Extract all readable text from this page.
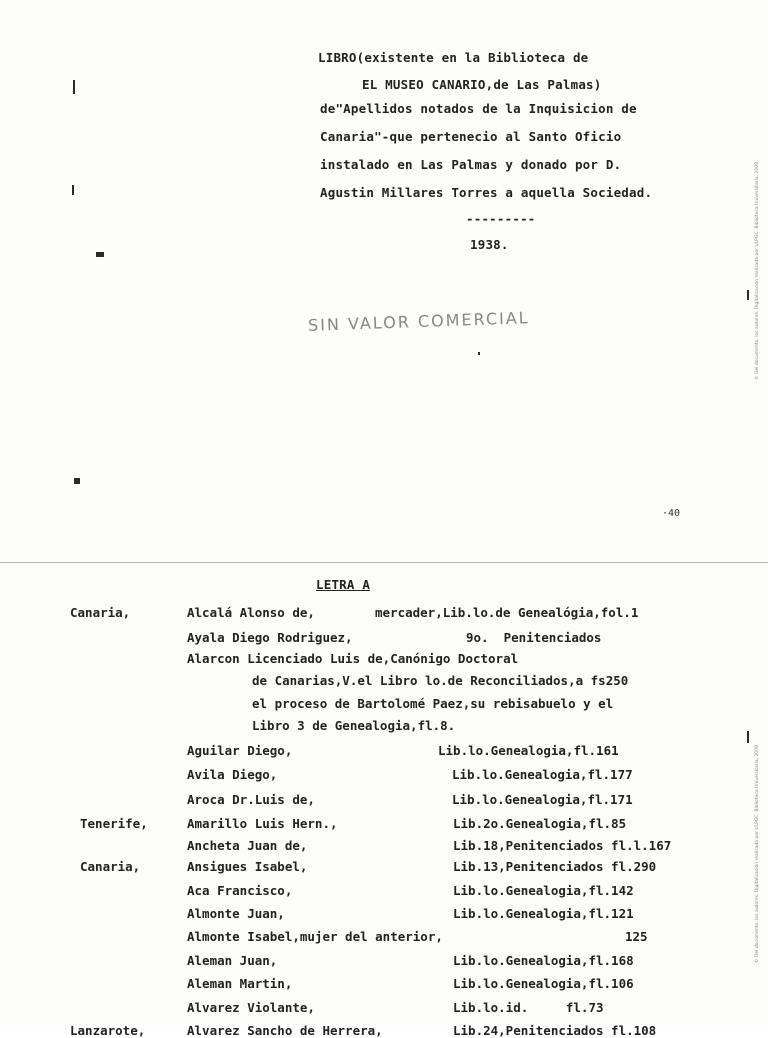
LIBRO(existente en la Biblioteca de
EL MUSEO CANARIO,de Las Palmas)
de"Apellidos notados de la Inquisicion de
Canaria"-que pertenecio al Santo Oficio
instalado en Las Palmas y donado por D.
Agustin Millares Torres a aquella Sociedad.
---------
1938.
SIN VALOR COMERCIAL	© Del documento, los autores. Digitalización realizada por ULPGC. Biblioteca Universitaria, 2008
·40
LETRA A
© Del documento, los autores. Digitalización realizada por ULPGC. Biblioteca Universitaria, 2008
Canaria,	Alcalá Alonso de,	mercader,Lib.lo.de Genealógia,fol.1
Ayala Diego Rodriguez,	9o.  Penitenciados
Alarcon Licenciado Luis de,Canónigo Doctoral
de Canarias,V.el Libro lo.de Reconciliados,a fs250
el proceso de Bartolomé Paez,su rebisabuelo y el
Libro 3 de Genealogia,fl.8.
Aguilar Diego,	Lib.lo.Genealogia,fl.161
Avila Diego,	Lib.lo.Genealogia,fl.177
Aroca Dr.Luis de,	Lib.lo.Genealogia,fl.171
Tenerife,	Amarillo Luis Hern.,	Lib.2o.Genealogia,fl.85
Ancheta Juan de,	Lib.18,Penitenciados fl.l.167
Canaria,	Ansigues Isabel,	Lib.13,Penitenciados fl.290
Aca Francisco,	Lib.lo.Genealogia,fl.142
Almonte Juan,	Lib.lo.Genealogia,fl.121
Almonte Isabel,mujer del anterior,	125
Aleman Juan,	Lib.lo.Genealogia,fl.168
Aleman Martin,	Lib.lo.Genealogia,fl.106
Alvarez Violante,	Lib.lo.id.     fl.73
Lanzarote,	Alvarez Sancho de Herrera,	Lib.24,Penitenciados fl.108
